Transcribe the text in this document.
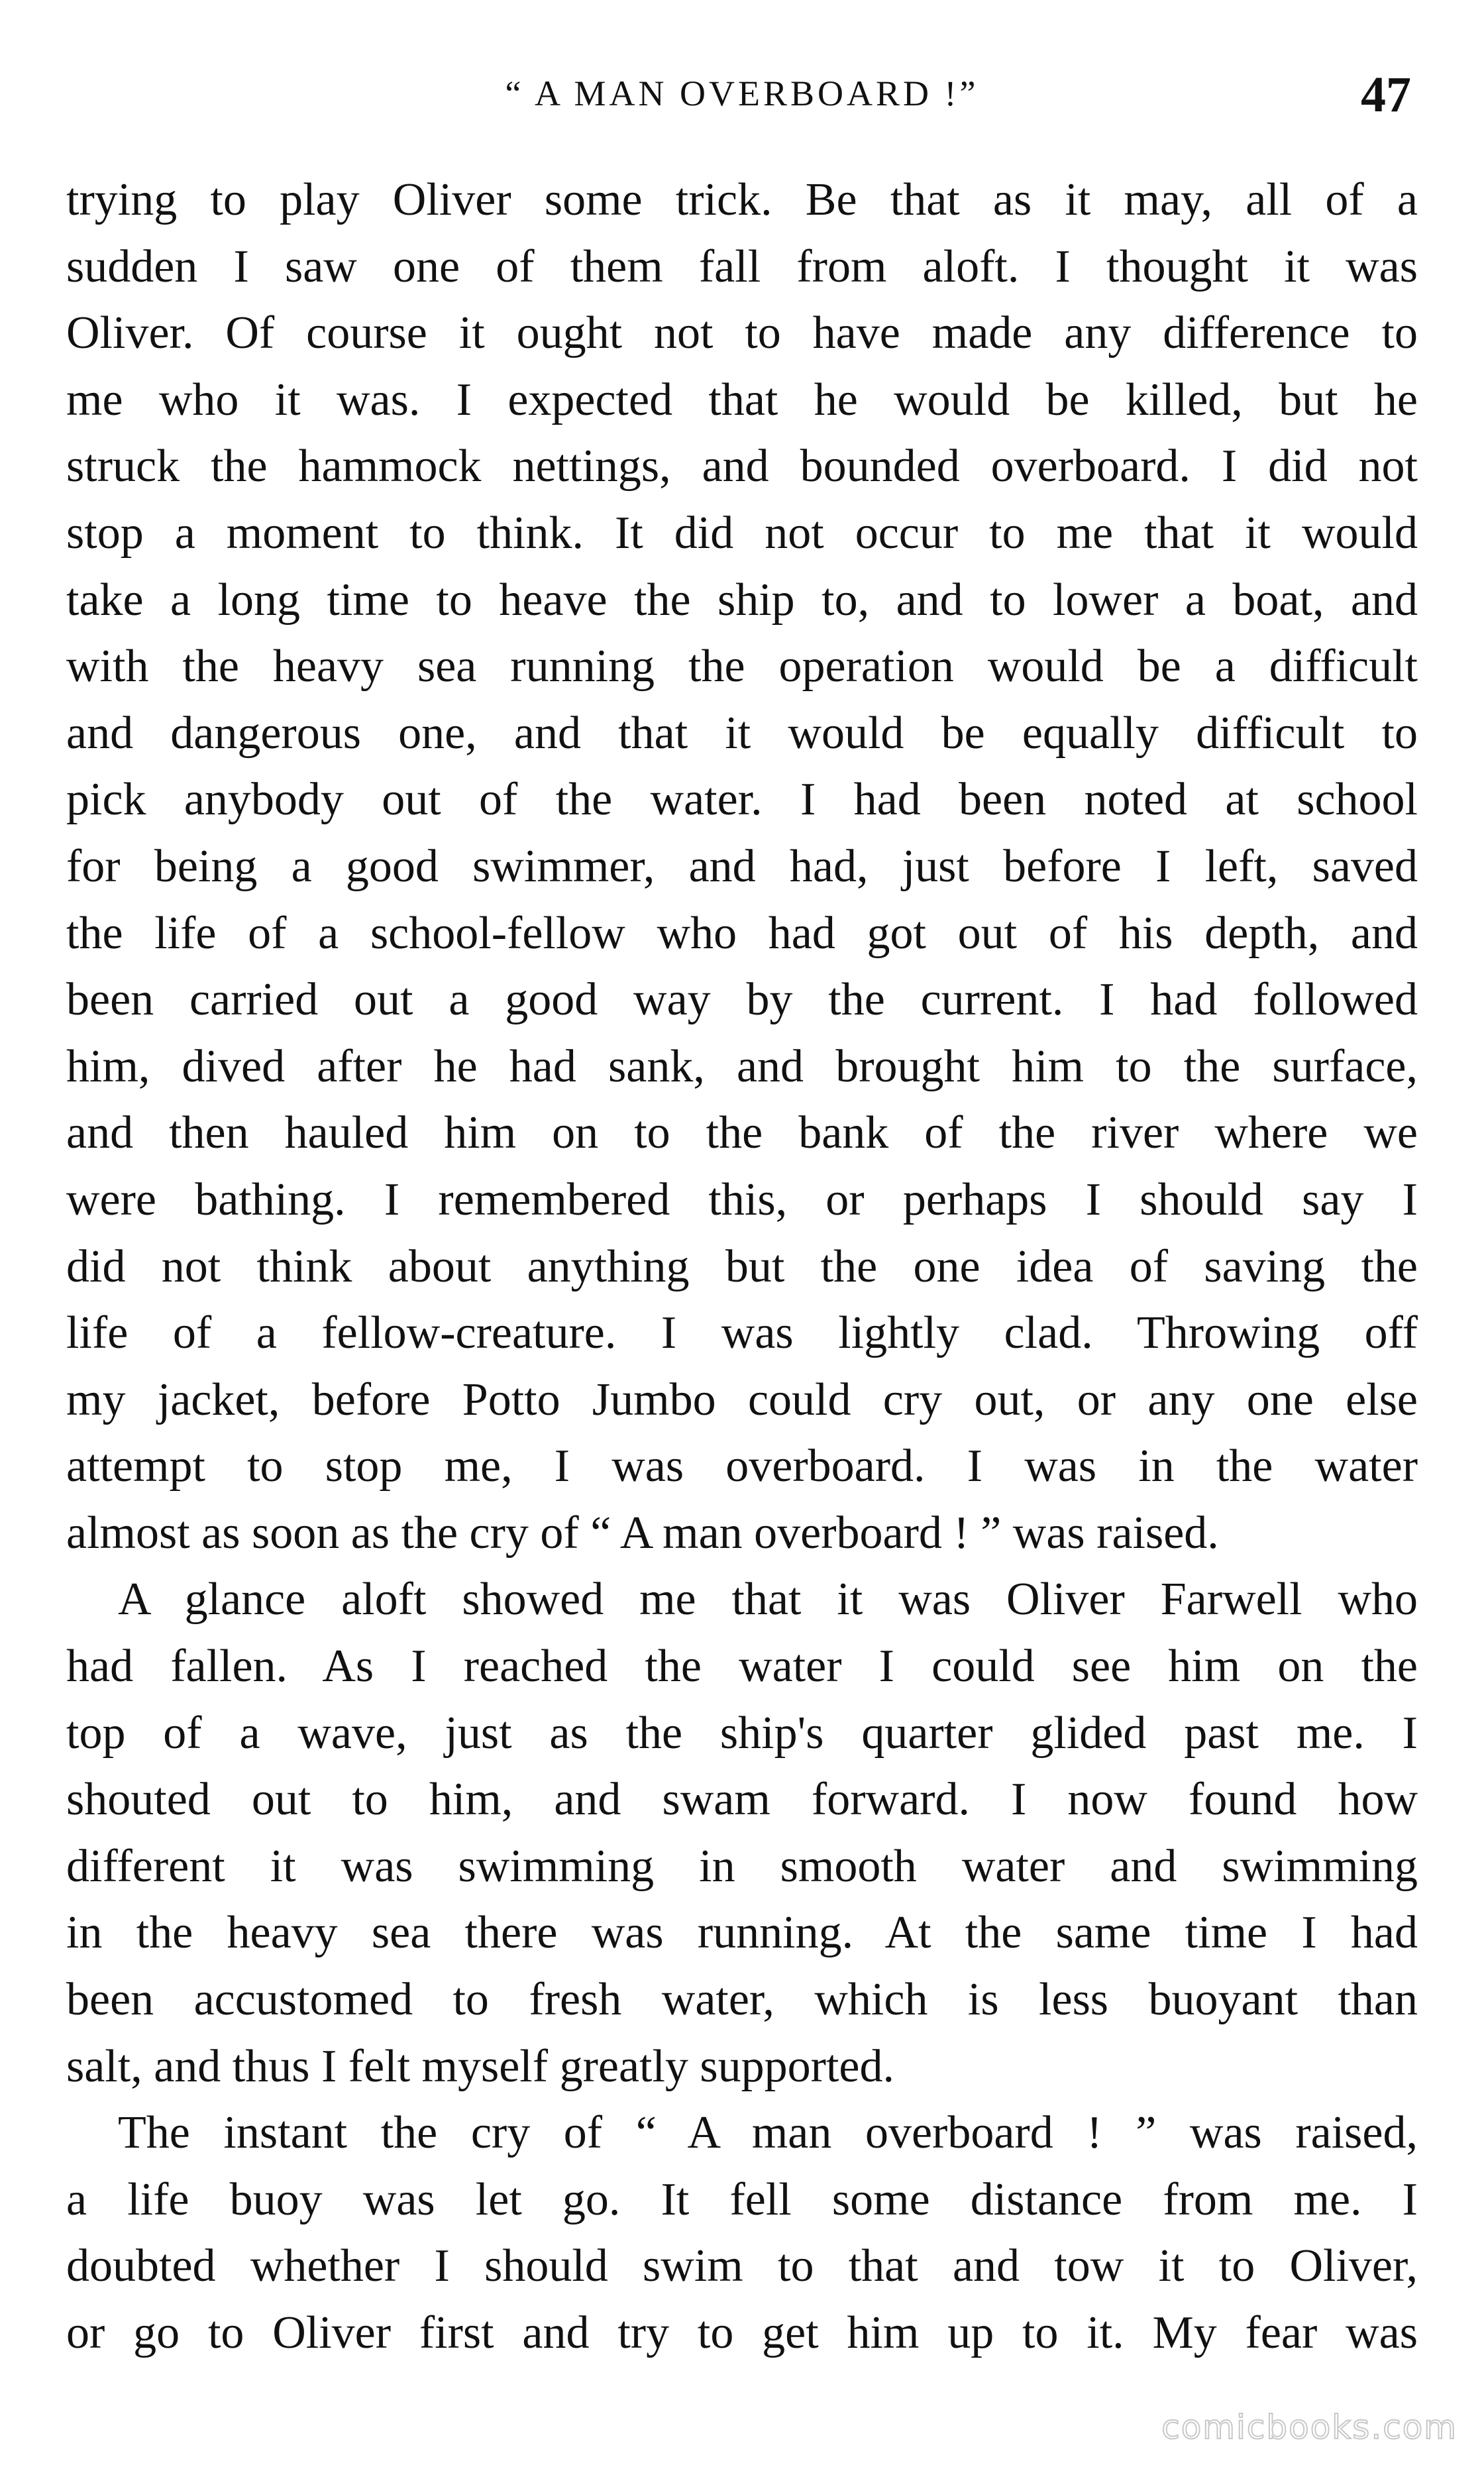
“ A MAN OVERBOARD !”	47
trying to play Oliver some trick. Be that as it may, all of a
sudden I saw one of them fall from aloft. I thought it was
Oliver. Of course it ought not to have made any difference to
me who it was. I expected that he would be killed, but he
struck the hammock nettings, and bounded overboard. I did not
stop a moment to think. It did not occur to me that it would
take a long time to heave the ship to, and to lower a boat, and
with the heavy sea running the operation would be a difficult
and dangerous one, and that it would be equally difficult to
pick anybody out of the water. I had been noted at school
for being a good swimmer, and had, just before I left, saved
the life of a school-fellow who had got out of his depth, and
been carried out a good way by the current. I had followed
him, dived after he had sank, and brought him to the surface,
and then hauled him on to the bank of the river where we
were bathing. I remembered this, or perhaps I should say I
did not think about anything but the one idea of saving the
life of a fellow-creature. I was lightly clad. Throwing off
my jacket, before Potto Jumbo could cry out, or any one else
attempt to stop me, I was overboard. I was in the water
almost as soon as the cry of “ A man overboard ! ” was raised.
A glance aloft showed me that it was Oliver Farwell who
had fallen. As I reached the water I could see him on the
top of a wave, just as the ship's quarter glided past me. I
shouted out to him, and swam forward. I now found how
different it was swimming in smooth water and swimming
in the heavy sea there was running. At the same time I had
been accustomed to fresh water, which is less buoyant than
salt, and thus I felt myself greatly supported.
The instant the cry of “ A man overboard ! ” was raised,
a life buoy was let go. It fell some distance from me. I
doubted whether I should swim to that and tow it to Oliver,
or go to Oliver first and try to get him up to it. My fear was
comicbooks.com
